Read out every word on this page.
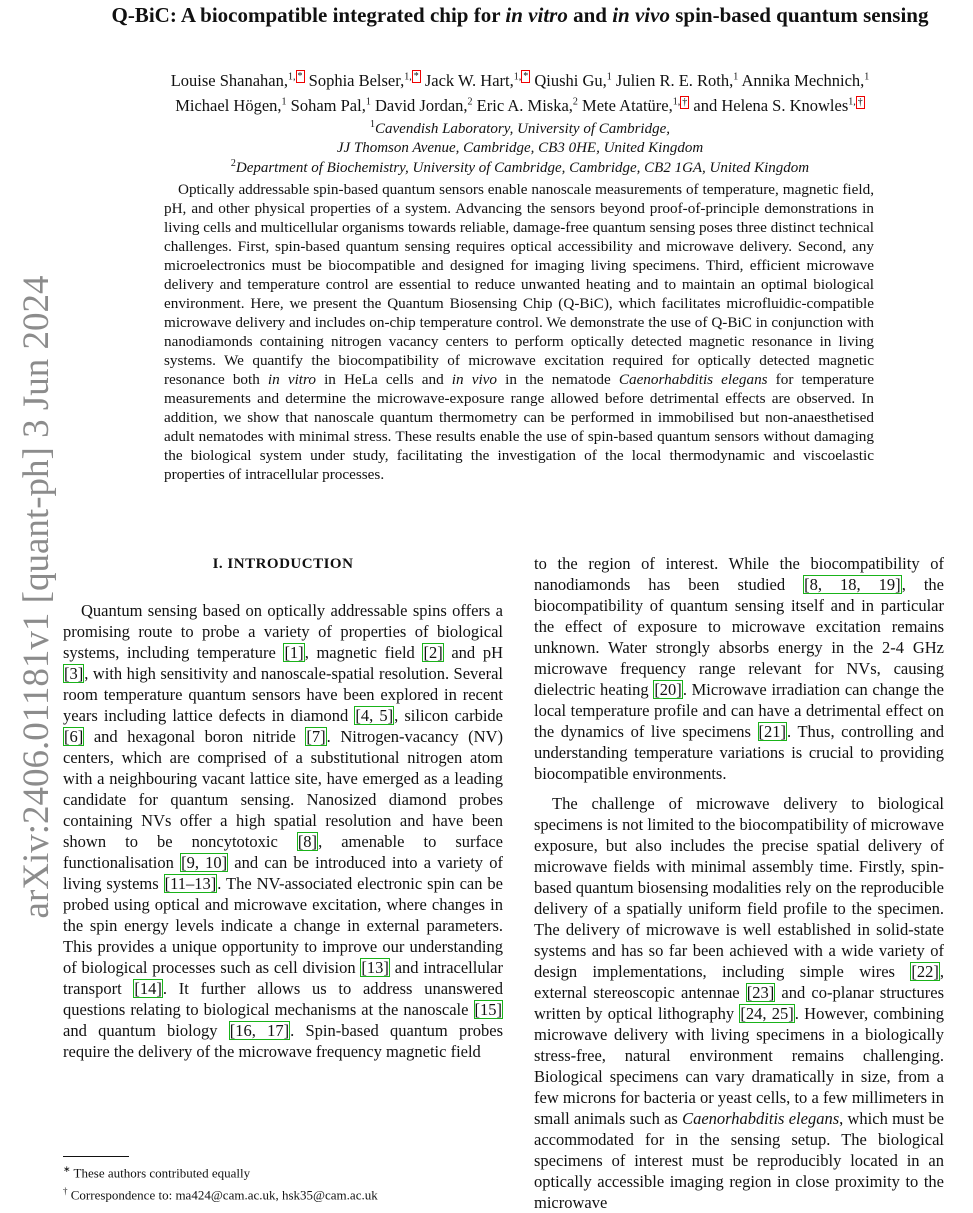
arXiv:2406.01181v1 [quant-ph] 3 Jun 2024
Q-BiC: A biocompatible integrated chip for in vitro and in vivo spin-based quantum sensing
Louise Shanahan,$^{1,}$ * Sophia Belser,$^{1,}$ * Jack W. Hart,$^{1,}$ * Qiushi Gu,$^1$ Julien R. E. Roth,$^1$ Annika Mechnich,$^1$
Michael Högen,$^1$ Soham Pal,$^1$ David Jordan,$^2$ Eric A. Miska,$^2$ Mete Atatüre,$^{1,}$ † and Helena S. Knowles$^{1,}$ †
$^1$Cavendish Laboratory, University of Cambridge,
JJ Thomson Avenue, Cambridge, CB3 0HE, United Kingdom
$^2$Department of Biochemistry, University of Cambridge, Cambridge, CB2 1GA, United Kingdom
Optically addressable spin-based quantum sensors enable nanoscale measurements of temperature, magnetic field, pH, and other physical properties of a system. Advancing the sensors beyond proof-of-principle demonstrations in living cells and multicellular organisms towards reliable, damage-free quantum sensing poses three distinct technical challenges. First, spin-based quantum sensing requires optical accessibility and microwave delivery. Second, any microelectronics must be biocompatible and designed for imaging living specimens. Third, efficient microwave delivery and temperature control are essential to reduce unwanted heating and to maintain an optimal biological environment. Here, we present the Quantum Biosensing Chip (Q-BiC), which facilitates microfluidic-compatible microwave delivery and includes on-chip temperature control. We demonstrate the use of Q-BiC in conjunction with nanodiamonds containing nitrogen vacancy centers to perform optically detected magnetic resonance in living systems. We quantify the biocompatibility of microwave excitation required for optically detected magnetic resonance both in vitro in HeLa cells and in vivo in the nematode Caenorhabditis elegans for temperature measurements and determine the microwave-exposure range allowed before detrimental effects are observed. In addition, we show that nanoscale quantum thermometry can be performed in immobilised but non-anaesthetised adult nematodes with minimal stress. These results enable the use of spin-based quantum sensors without damaging the biological system under study, facilitating the investigation of the local thermodynamic and viscoelastic properties of intracellular processes.
I. INTRODUCTION

Quantum sensing based on optically addressable spins offers a promising route to probe a variety of properties of biological systems, including temperature [1], magnetic field [2] and pH [3], with high sensitivity and nanoscale-spatial resolution. Several room temperature quantum sensors have been explored in recent years including lattice defects in diamond [4, 5], silicon carbide [6] and hexagonal boron nitride [7]. Nitrogen-vacancy (NV) centers, which are comprised of a substitutional nitrogen atom with a neighbouring vacant lattice site, have emerged as a leading candidate for quantum sensing. Nanosized diamond probes containing NVs offer a high spatial resolution and have been shown to be noncytotoxic [8], amenable to surface functionalisation [9, 10] and can be introduced into a variety of living systems [11–13]. The NV-associated electronic spin can be probed using optical and microwave excitation, where changes in the spin energy levels indicate a change in external parameters. This provides a unique opportunity to improve our understanding of biological processes such as cell division [13] and intracellular transport [14]. It further allows us to address unanswered questions relating to biological mechanisms at the nanoscale [15] and quantum biology [16, 17]. Spin-based quantum probes require the delivery of the microwave frequency magnetic field

to the region of interest. While the biocompatibility of nanodiamonds has been studied [8, 18, 19], the biocompatibility of quantum sensing itself and in particular the effect of exposure to microwave excitation remains unknown. Water strongly absorbs energy in the 2-4 GHz microwave frequency range relevant for NVs, causing dielectric heating [20]. Microwave irradiation can change the local temperature profile and can have a detrimental effect on the dynamics of live specimens [21]. Thus, controlling and understanding temperature variations is crucial to providing biocompatible environments.

The challenge of microwave delivery to biological specimens is not limited to the biocompatibility of microwave exposure, but also includes the precise spatial delivery of microwave fields with minimal assembly time. Firstly, spin-based quantum biosensing modalities rely on the reproducible delivery of a spatially uniform field profile to the specimen. The delivery of microwave is well established in solid-state systems and has so far been achieved with a wide variety of design implementations, including simple wires [22], external stereoscopic antennae [23] and co-planar structures written by optical lithography [24, 25]. However, combining microwave delivery with living specimens in a biologically stress-free, natural environment remains challenging. Biological specimens can vary dramatically in size, from a few microns for bacteria or yeast cells, to a few millimeters in small animals such as Caenorhabditis elegans, which must be accommodated for in the sensing setup. The biological specimens of interest must be reproducibly located in an optically accessible imaging region in close proximity to the microwave

∗ These authors contributed equally
† Correspondence to: ma424@cam.ac.uk, hsk35@cam.ac.uk
